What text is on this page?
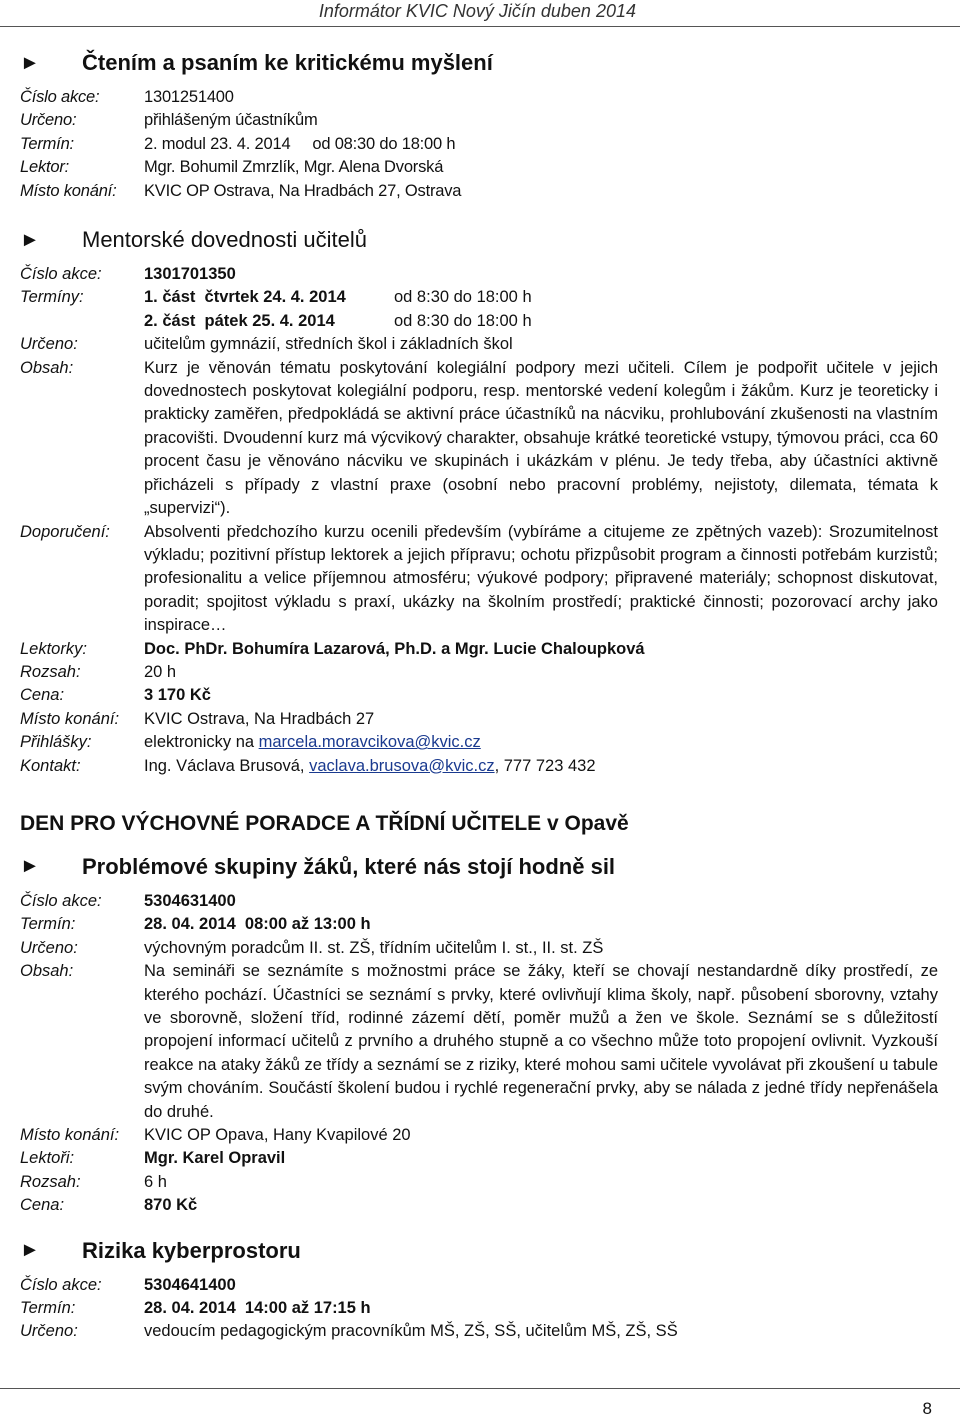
Informátor KVIC Nový Jičín duben 2014
►	Čtením a psaním ke kritickému myšlení
Číslo akce:	1301251400
Určeno:	přihlášeným účastníkům
Termín:	2. modul 23. 4. 2014     od 08:30 do 18:00 h
Lektor:	Mgr. Bohumil Zmrzlík, Mgr. Alena Dvorská
Místo konání:	KVIC OP Ostrava, Na Hradbách 27, Ostrava
►	Mentorské dovednosti učitelů
Číslo akce:	1301701350
Termíny:	1. část  čtvrtek 24. 4. 2014	od 8:30 do 18:00 h
2. část  pátek 25. 4. 2014	od 8:30 do 18:00 h
Určeno:	učitelům gymnázií, středních škol i základních škol
Obsah:	Kurz je věnován tématu poskytování kolegiální podpory mezi učiteli. Cílem je podpořit učitele v jejich dovednostech poskytovat kolegiální podporu, resp. mentorské vedení kolegům i žákům. Kurz je teoreticky i prakticky zaměřen, předpokládá se aktivní práce účastníků na nácviku, prohlubování zkušenosti na vlastním pracovišti. Dvoudenní kurz má výcvikový charakter, obsahuje krátké teoretické vstupy, týmovou práci, cca 60 procent času je věnováno nácviku ve skupinách i ukázkám v plénu. Je tedy třeba, aby účastníci aktivně přicházeli s případy z vlastní praxe (osobní nebo pracovní problémy, nejistoty, dilemata, témata k „supervizi“).
Doporučení:	Absolventi předchozího kurzu ocenili především (vybíráme a citujeme ze zpětných vazeb): Srozumitelnost výkladu; pozitivní přístup lektorek a jejich přípravu; ochotu přizpůsobit program a činnosti potřebám kurzistů; profesionalitu a velice příjemnou atmosféru; výukové podpory; připravené materiály; schopnost diskutovat, poradit; spojitost výkladu s praxí, ukázky na školním prostředí; praktické činnosti; pozorovací archy jako inspirace…
Lektorky:	Doc. PhDr. Bohumíra Lazarová, Ph.D. a Mgr. Lucie Chaloupková
Rozsah:	20 h
Cena:	3 170 Kč
Místo konání:	KVIC Ostrava, Na Hradbách 27
Přihlášky:	elektronicky na marcela.moravcikova@kvic.cz
Kontakt:	Ing. Václava Brusová, vaclava.brusova@kvic.cz, 777 723 432
DEN PRO VÝCHOVNÉ PORADCE A TŘÍDNÍ UČITELE v Opavě
►	Problémové skupiny žáků, které nás stojí hodně sil
Číslo akce:	5304631400
Termín:	28. 04. 2014  08:00 až 13:00 h
Určeno:	výchovným poradcům II. st. ZŠ, třídním učitelům I. st., II. st. ZŠ
Obsah:	Na semináři se seznámíte s možnostmi práce se žáky, kteří se chovají nestandardně díky prostředí, ze kterého pochází. Účastníci se seznámí s prvky, které ovlivňují klima školy, např. působení sborovny, vztahy ve sborovně, složení tříd, rodinné zázemí dětí, poměr mužů a žen ve škole. Seznámí se s důležitostí propojení informací učitelů z prvního a druhého stupně a co všechno může toto propojení ovlivnit. Vyzkouší reakce na ataky žáků ze třídy a seznámí se z riziky, které mohou sami učitele vyvolávat při zkoušení u tabule svým chováním. Součástí školení budou i rychlé regenerační prvky, aby se nálada z jedné třídy nepřenášela do druhé.
Místo konání:	KVIC OP Opava, Hany Kvapilové 20
Lektoři:	Mgr. Karel Opravil
Rozsah:	6 h
Cena:	870 Kč
►	Rizika kyberprostoru
Číslo akce:	5304641400
Termín:	28. 04. 2014  14:00 až 17:15 h
Určeno:	vedoucím pedagogickým pracovníkům MŠ, ZŠ, SŠ, učitelům MŠ, ZŠ, SŠ
8
